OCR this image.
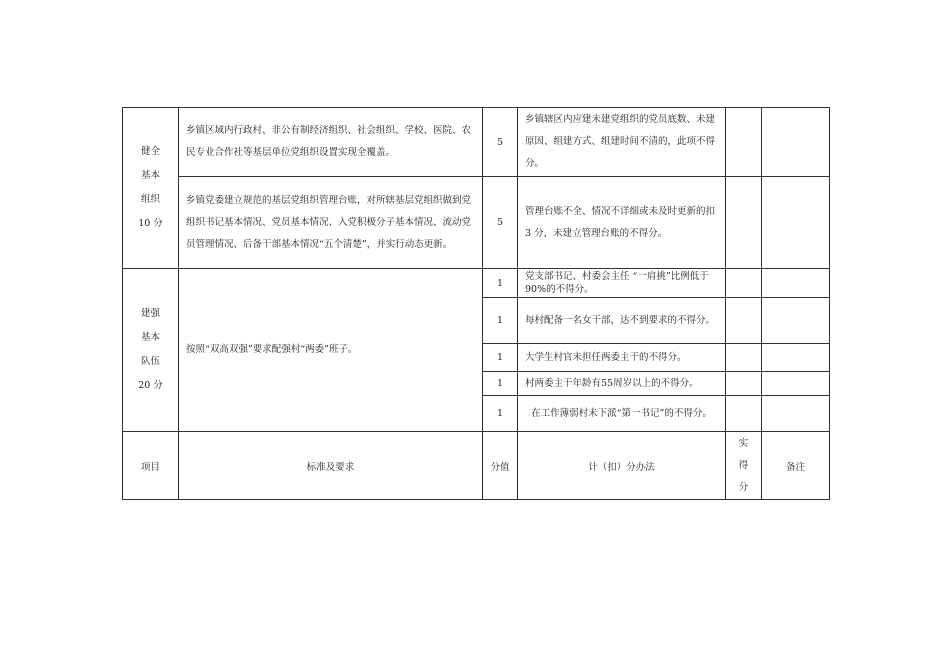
健全
基本
组织
10 分	乡镇区域内行政村、非公有制经济组织、社会组织、学校、医院、农民专业合作社等基层单位党组织设置实现全覆盖。	5	乡镇辖区内应建未建党组织的党员底数、未建原因、组建方式、组建时间不清的，此项不得分。		
	乡镇党委建立规范的基层党组织管理台账，对所辖基层党组织做到党组织书记基本情况、党员基本情况、入党积极分子基本情况、流动党员管理情况、后备干部基本情况“五个清楚”，并实行动态更新。	5	管理台账不全、情况不详细或未及时更新的扣 3 分，未建立管理台账的不得分。		

建强
基本
队伍
20 分	按照“双高双强”要求配强村“两委”班子。	1	党支部书记、村委会主任 “一肩挑”比例低于 90%的不得分。		
		1	每村配备一名女干部，达不到要求的不得分。		
		1	大学生村官未担任两委主干的不得分。		
		1	村两委主干年龄有55周岁以上的不得分。		
		1	在工作薄弱村未下派“第一书记”的不得分。		
项目	标准及要求	分值	计（扣）分办法	实
得
分	备注
